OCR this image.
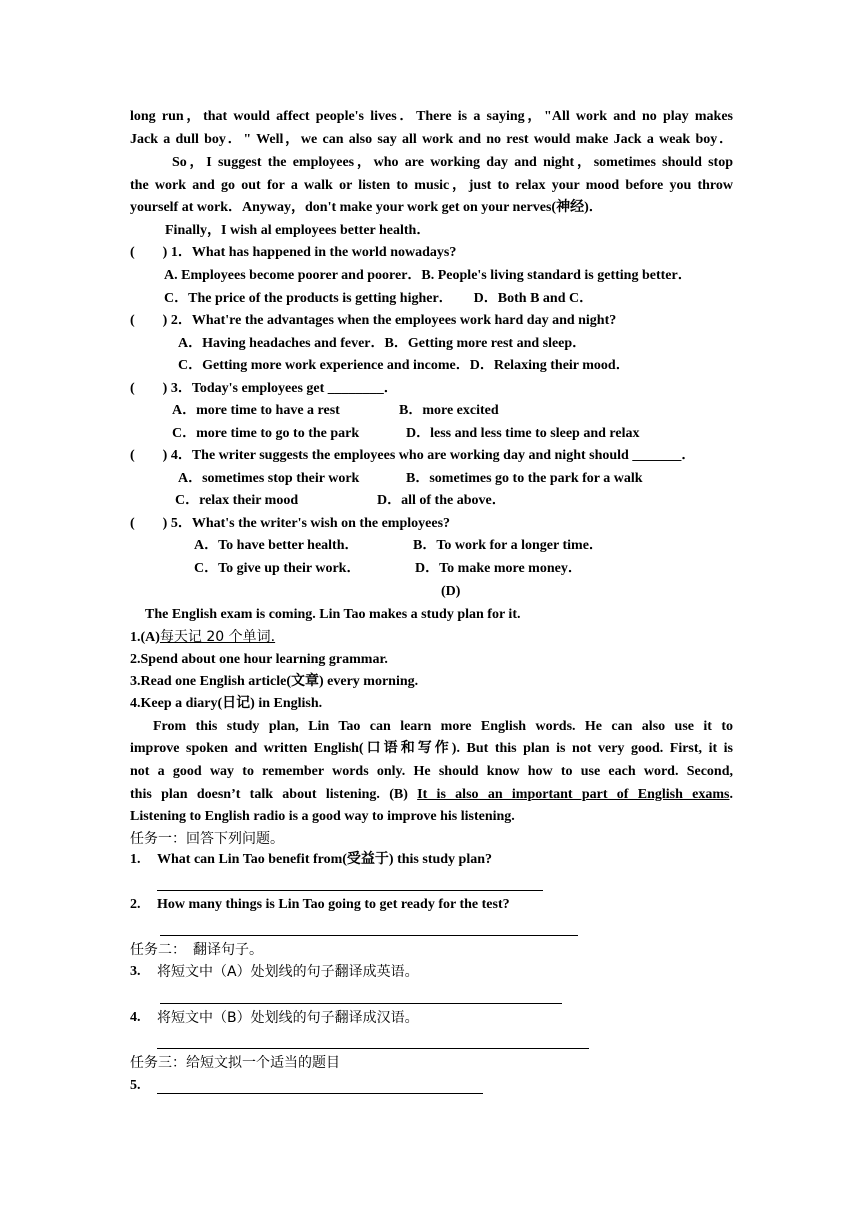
long run，that would affect people's lives．There is a saying，"All work and no play makes
Jack a dull boy．" Well，we can also say all work and no rest would make Jack a weak boy．
So，I suggest the employees，who are working day and night，sometimes should stop
the work and go out for a walk or listen to music，just to relax your mood before you throw
yourself at work．Anyway，don't make your work get on your nerves(神经)．
Finally，I wish al employees better health．
(　　) 1．What has happened in the world nowadays?
A. Employees become poorer and poorer．B. People's living standard is getting better．
C．The price of the products is getting higher．　　D．Both B and C．
(　　) 2．What're the advantages when the employees work hard day and night?
A．Having headaches and fever．B．Getting more rest and sleep．
C．Getting more work experience and income．D．Relaxing their mood．
(　　) 3．Today's employees get ________．
A．more time to have a rest	B．more excited
C．more time to go to the park	D．less and less time to sleep and relax
(　　) 4．The writer suggests the employees who are working day and night should _______．
A．sometimes stop their work	B．sometimes go to the park for a walk
C．relax their mood	D．all of the above．
(　　) 5．What's the writer's wish on the employees?
A．To have better health．	B．To work for a longer time．
C．To give up their work．	D．To make more money．
(D)
The English exam is coming. Lin Tao makes a study plan for it.
1.(A)每天记 20 个单词.
2.Spend about one hour learning grammar.
3.Read one English article(文章) every morning.
4.Keep a diary(日记) in English.
From this study plan, Lin Tao can learn more English words. He can also use it to
improve spoken and written English(口语和写作). But this plan is not very good. First, it is
not a good way to remember words only. He should know how to use each word. Second,
this plan doesn’t talk about listening. (B) It is also an important part of English exams.
Listening to English radio is a good way to improve his listening.
任务一：回答下列问题。
1. What can Lin Tao benefit from(受益于) this study plan?
2. How many things is Lin Tao going to get ready for the test?
任务二：　翻译句子。
3. 将短文中（A）处划线的句子翻译成英语。
4. 将短文中（B）处划线的句子翻译成汉语。
任务三：给短文拟一个适当的题目
5.
